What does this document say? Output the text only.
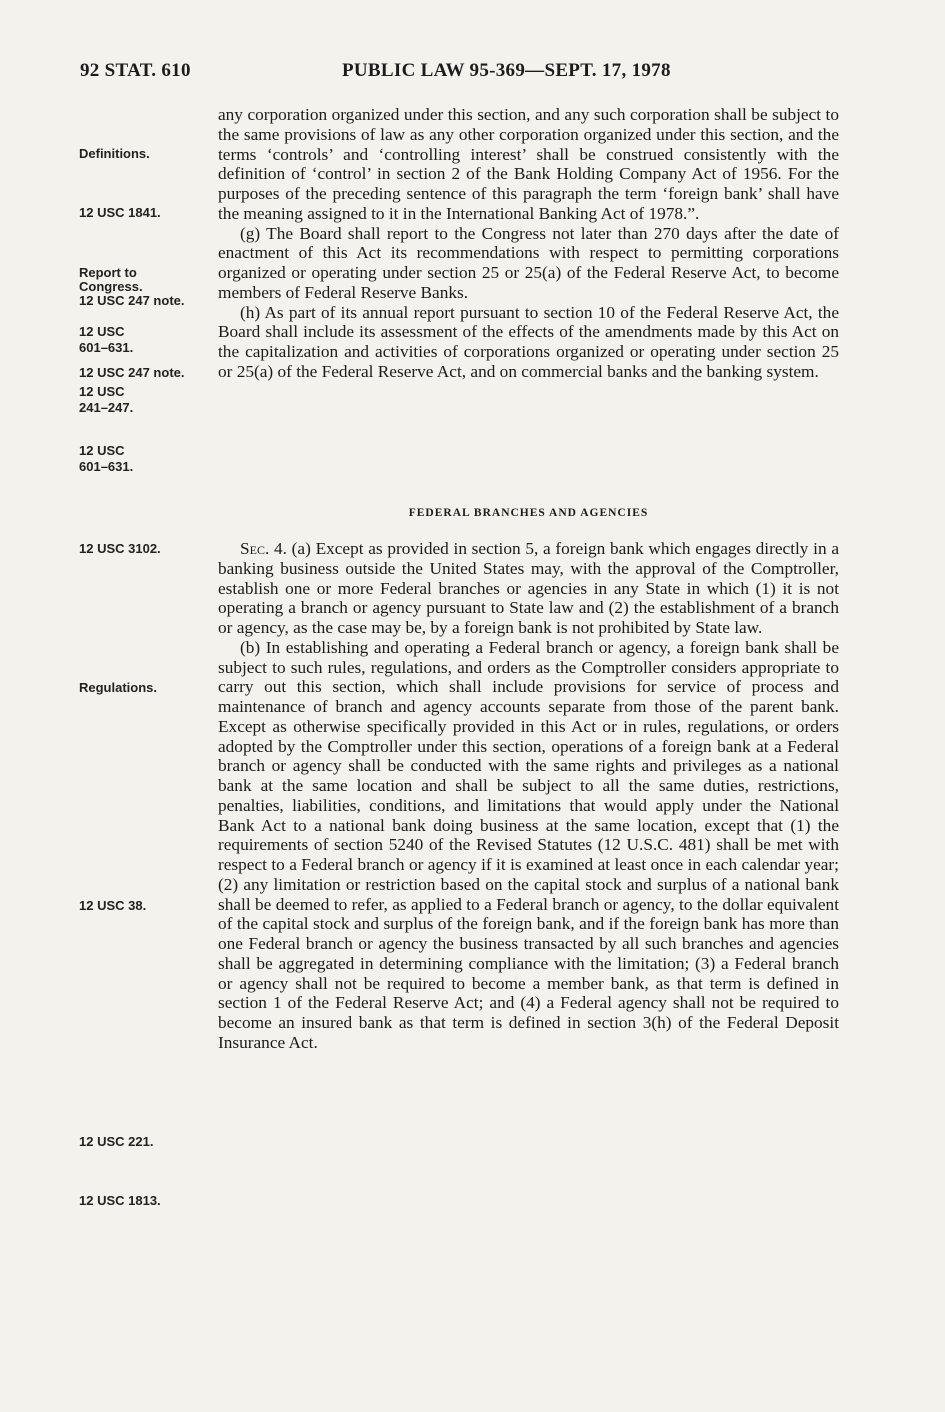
92 STAT. 610	PUBLIC LAW 95-369—SEPT. 17, 1978
Definitions.
12 USC 1841.
Report to
Congress.
12 USC 247 note.
12 USC
601–631.
12 USC 247 note.
12 USC
241–247.
12 USC
601–631.
12 USC 3102.
Regulations.
12 USC 38.
12 USC 221.
12 USC 1813.

any corporation organized under this section, and any such corporation shall be subject to the same provisions of law as any other corporation organized under this section, and the terms ‘controls’ and ‘controlling interest’ shall be construed consistently with the definition of ‘control’ in section 2 of the Bank Holding Company Act of 1956. For the purposes of the preceding sentence of this paragraph the term ‘foreign bank’ shall have the meaning assigned to it in the International Banking Act of 1978.”.

(g) The Board shall report to the Congress not later than 270 days after the date of enactment of this Act its recommendations with respect to permitting corporations organized or operating under section 25 or 25(a) of the Federal Reserve Act, to become members of Federal Reserve Banks.

(h) As part of its annual report pursuant to section 10 of the Federal Reserve Act, the Board shall include its assessment of the effects of the amendments made by this Act on the capitalization and activities of corporations organized or operating under section 25 or 25(a) of the Federal Reserve Act, and on commercial banks and the banking system.

FEDERAL BRANCHES AND AGENCIES

Sec. 4. (a) Except as provided in section 5, a foreign bank which engages directly in a banking business outside the United States may, with the approval of the Comptroller, establish one or more Federal branches or agencies in any State in which (1) it is not operating a branch or agency pursuant to State law and (2) the establishment of a branch or agency, as the case may be, by a foreign bank is not prohibited by State law.

(b) In establishing and operating a Federal branch or agency, a foreign bank shall be subject to such rules, regulations, and orders as the Comptroller considers appropriate to carry out this section, which shall include provisions for service of process and maintenance of branch and agency accounts separate from those of the parent bank. Except as otherwise specifically provided in this Act or in rules, regulations, or orders adopted by the Comptroller under this section, operations of a foreign bank at a Federal branch or agency shall be conducted with the same rights and privileges as a national bank at the same location and shall be subject to all the same duties, restrictions, penalties, liabilities, conditions, and limitations that would apply under the National Bank Act to a national bank doing business at the same location, except that (1) the requirements of section 5240 of the Revised Statutes (12 U.S.C. 481) shall be met with respect to a Federal branch or agency if it is examined at least once in each calendar year; (2) any limitation or restriction based on the capital stock and surplus of a national bank shall be deemed to refer, as applied to a Federal branch or agency, to the dollar equivalent of the capital stock and surplus of the foreign bank, and if the foreign bank has more than one Federal branch or agency the business transacted by all such branches and agencies shall be aggregated in determining compliance with the limitation; (3) a Federal branch or agency shall not be required to become a member bank, as that term is defined in section 1 of the Federal Reserve Act; and (4) a Federal agency shall not be required to become an insured bank as that term is defined in section 3(h) of the Federal Deposit Insurance Act.
